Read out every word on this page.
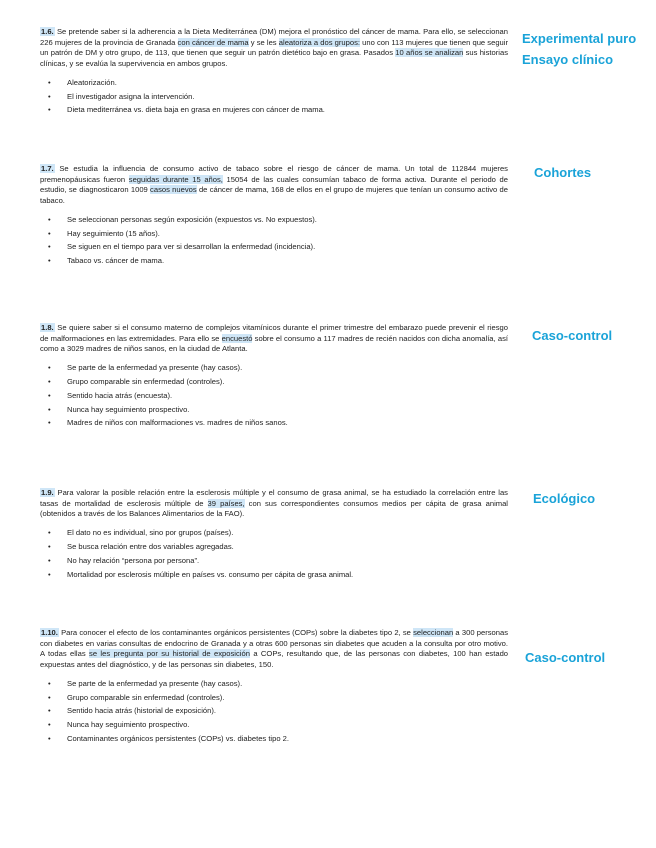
1.6. Se pretende saber si la adherencia a la Dieta Mediterránea (DM) mejora el pronóstico del cáncer de mama. Para ello, se seleccionan 226 mujeres de la provincia de Granada con cáncer de mama y se les aleatoriza a dos grupos: uno con 113 mujeres que tienen que seguir un patrón de DM y otro grupo, de 113, que tienen que seguir un patrón dietético bajo en grasa. Pasados 10 años se analizan sus historias clínicas, y se evalúa la supervivencia en ambos grupos.

• Aleatorización.
• El investigador asigna la intervención.
• Dieta mediterránea vs. dieta baja en grasa en mujeres con cáncer de mama.
Experimental puro
Ensayo clínico

1.7. Se estudia la influencia de consumo activo de tabaco sobre el riesgo de cáncer de mama. Un total de 112844 mujeres premenopáusicas fueron seguidas durante 15 años, 15054 de las cuales consumían tabaco de forma activa. Durante el periodo de estudio, se diagnosticaron 1009 casos nuevos de cáncer de mama, 168 de ellos en el grupo de mujeres que tenían un consumo activo de tabaco.

• Se seleccionan personas según exposición (expuestos vs. No expuestos).
• Hay seguimiento (15 años).
• Se siguen en el tiempo para ver si desarrollan la enfermedad (incidencia).
• Tabaco vs. cáncer de mama.
Cohortes

1.8. Se quiere saber si el consumo materno de complejos vitamínicos durante el primer trimestre del embarazo puede prevenir el riesgo de malformaciones en las extremidades. Para ello se encuestó sobre el consumo a 117 madres de recién nacidos con dicha anomalía, así como a 3029 madres de niños sanos, en la ciudad de Atlanta.

• Se parte de la enfermedad ya presente (hay casos).
• Grupo comparable sin enfermedad (controles).
• Sentido hacia atrás (encuesta).
• Nunca hay seguimiento prospectivo.
• Madres de niños con malformaciones vs. madres de niños sanos.
Caso-control

1.9. Para valorar la posible relación entre la esclerosis múltiple y el consumo de grasa animal, se ha estudiado la correlación entre las tasas de mortalidad de esclerosis múltiple de 39 países, con sus correspondientes consumos medios per cápita de grasa animal (obtenidos a través de los Balances Alimentarios de la FAO).

• El dato no es individual, sino por grupos (países).
• Se busca relación entre dos variables agregadas.
• No hay relación “persona por persona”.
• Mortalidad por esclerosis múltiple en países vs. consumo per cápita de grasa animal.
Ecológico

1.10. Para conocer el efecto de los contaminantes orgánicos persistentes (COPs) sobre la diabetes tipo 2, se seleccionan a 300 personas con diabetes en varias consultas de endocrino de Granada y a otras 600 personas sin diabetes que acuden a la consulta por otro motivo. A todas ellas se les pregunta por su historial de exposición a COPs, resultando que, de las personas con diabetes, 100 han estado expuestas antes del diagnóstico, y de las personas sin diabetes, 150.

• Se parte de la enfermedad ya presente (hay casos).
• Grupo comparable sin enfermedad (controles).
• Sentido hacia atrás (historial de exposición).
• Nunca hay seguimiento prospectivo.
• Contaminantes orgánicos persistentes (COPs) vs. diabetes tipo 2.
Caso-control
